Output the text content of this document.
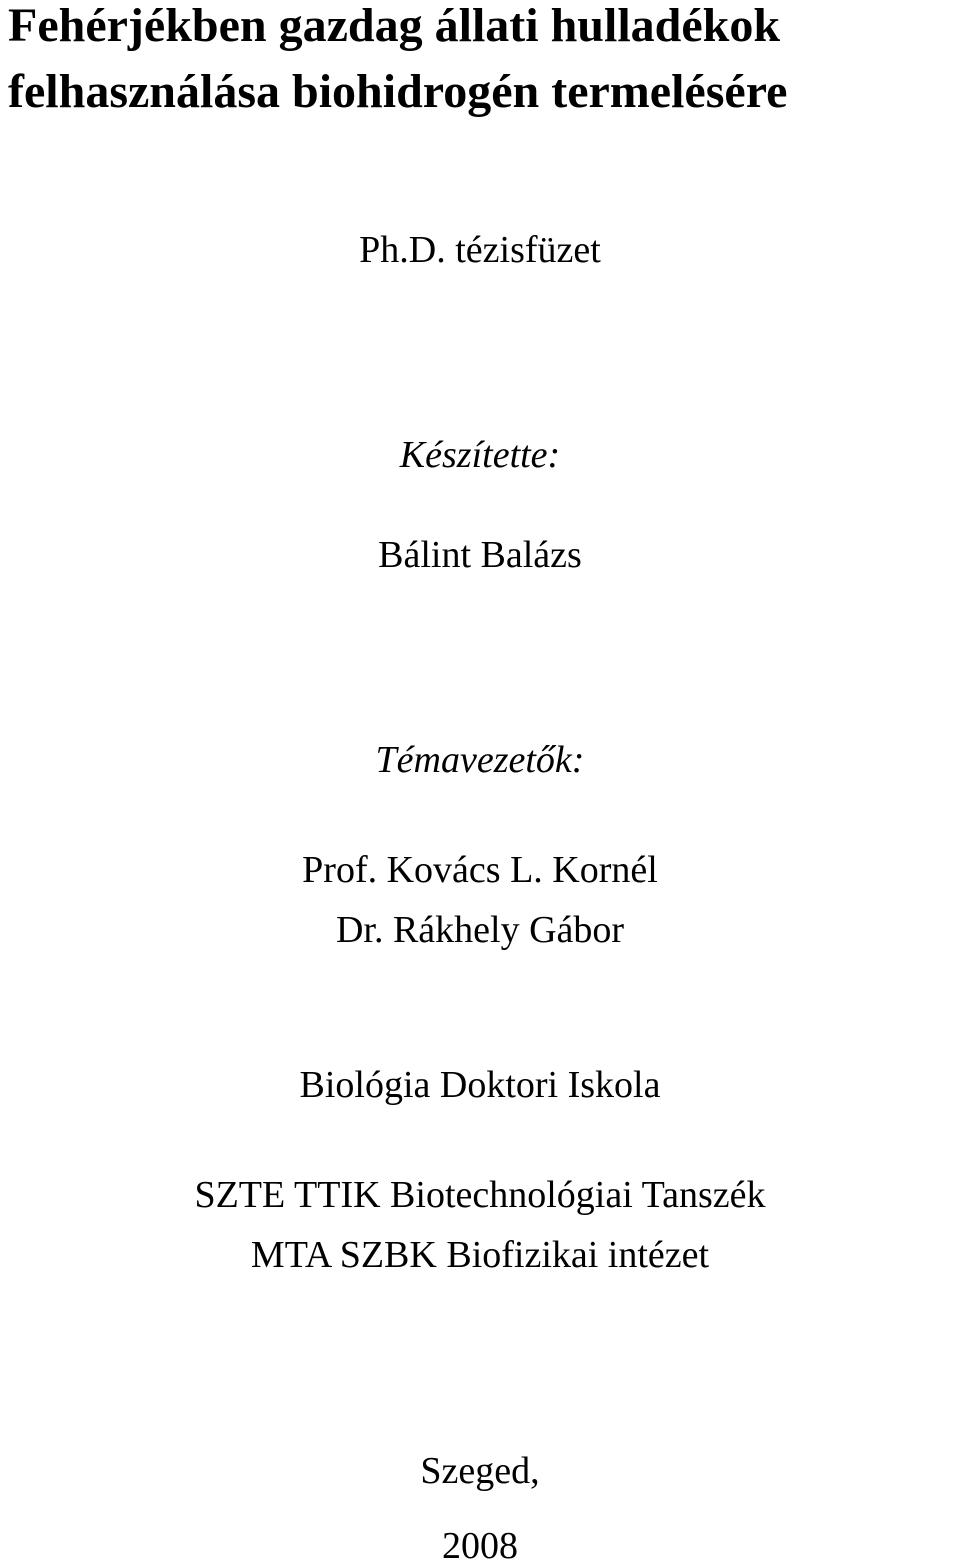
Fehérjékben gazdag állati hulladékok
felhasználása biohidrogén termelésére

Ph.D. tézisfüzet

Készítette:

Bálint Balázs

Témavezetők:

Prof. Kovács L. Kornél

Dr. Rákhely Gábor

Biológia Doktori Iskola

SZTE TTIK Biotechnológiai Tanszék

MTA SZBK Biofizikai intézet

Szeged,

2008
